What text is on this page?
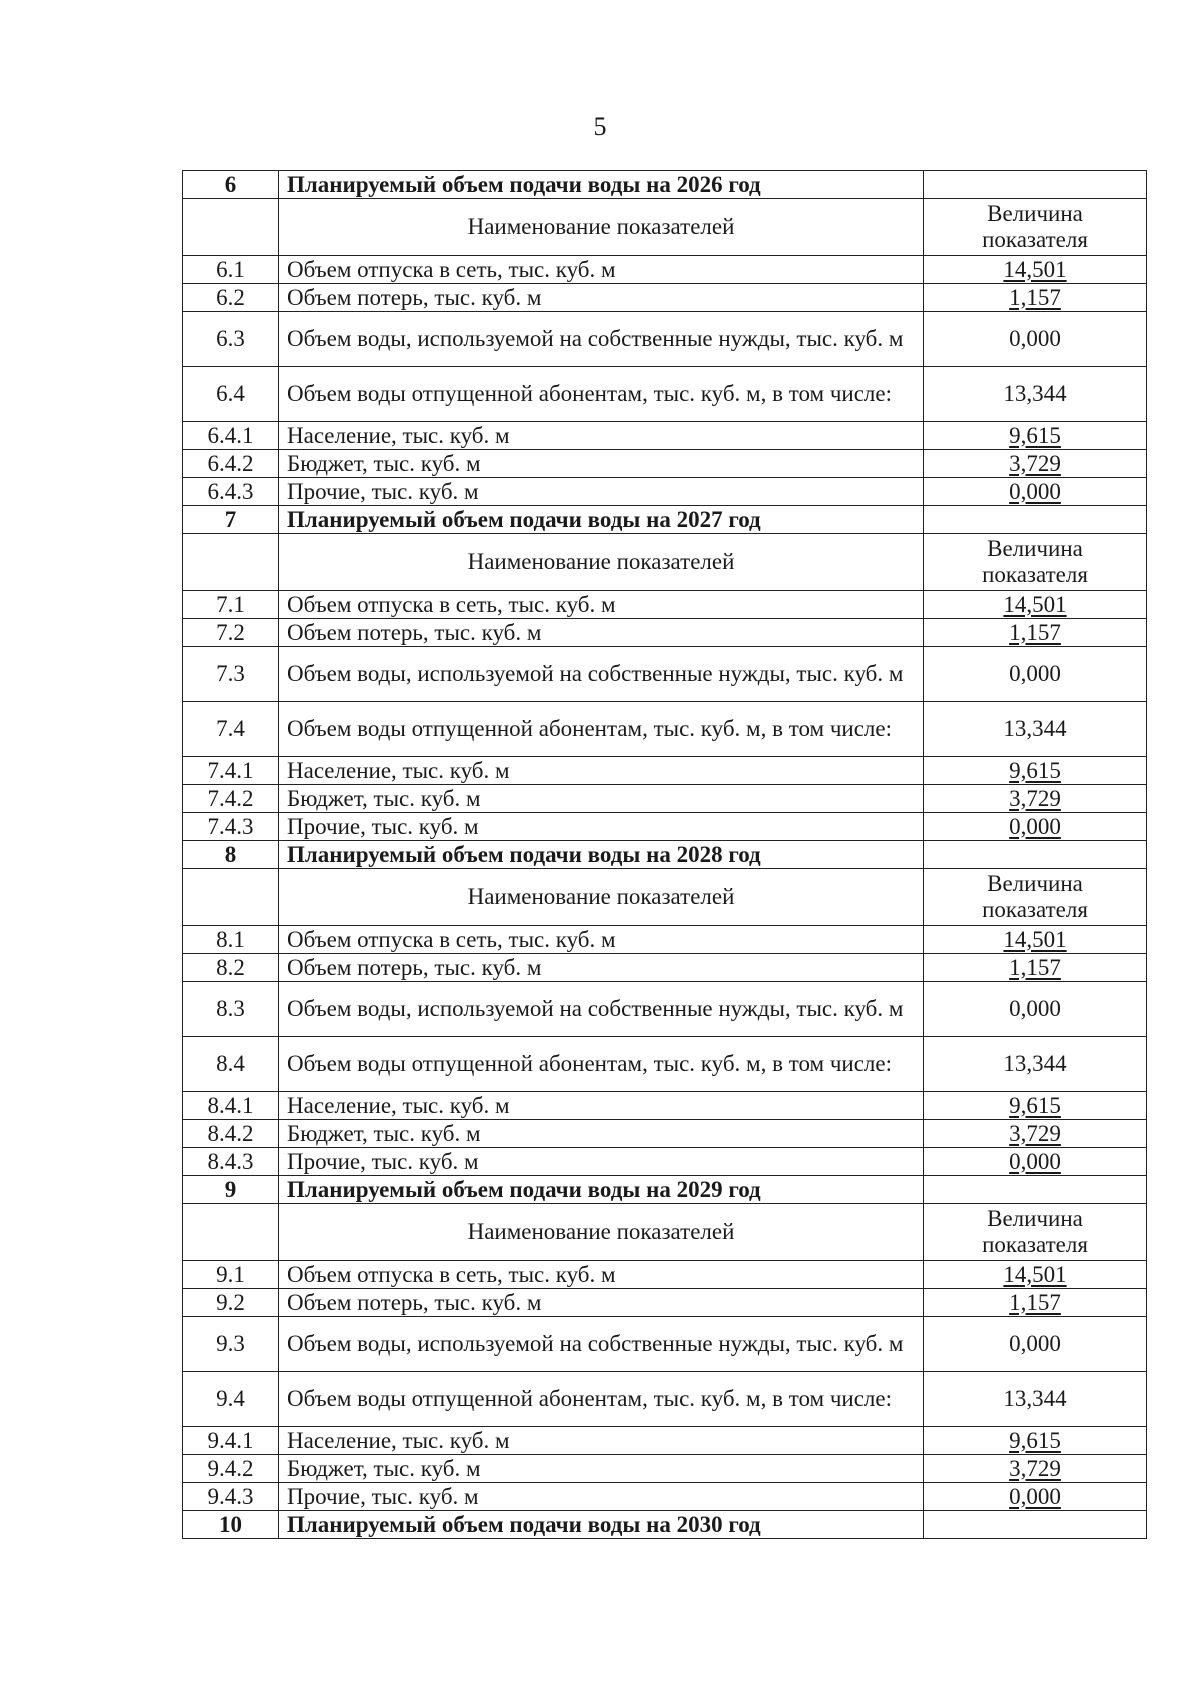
5
6	Планируемый объем подачи воды на 2026 год	
	Наименование показателей	Величина показателя
6.1	Объем отпуска в сеть, тыс. куб. м	14,501
6.2	Объем потерь, тыс. куб. м	1,157
6.3	Объем воды, используемой на собственные нужды, тыс. куб. м	0,000
6.4	Объем воды отпущенной абонентам, тыс. куб. м, в том числе:	13,344
6.4.1	Население, тыс. куб. м	9,615
6.4.2	Бюджет, тыс. куб. м	3,729
6.4.3	Прочие, тыс. куб. м	0,000
7	Планируемый объем подачи воды на 2027 год	
	Наименование показателей	Величина показателя
7.1	Объем отпуска в сеть, тыс. куб. м	14,501
7.2	Объем потерь, тыс. куб. м	1,157
7.3	Объем воды, используемой на собственные нужды, тыс. куб. м	0,000
7.4	Объем воды отпущенной абонентам, тыс. куб. м, в том числе:	13,344
7.4.1	Население, тыс. куб. м	9,615
7.4.2	Бюджет, тыс. куб. м	3,729
7.4.3	Прочие, тыс. куб. м	0,000
8	Планируемый объем подачи воды на 2028 год	
	Наименование показателей	Величина показателя
8.1	Объем отпуска в сеть, тыс. куб. м	14,501
8.2	Объем потерь, тыс. куб. м	1,157
8.3	Объем воды, используемой на собственные нужды, тыс. куб. м	0,000
8.4	Объем воды отпущенной абонентам, тыс. куб. м, в том числе:	13,344
8.4.1	Население, тыс. куб. м	9,615
8.4.2	Бюджет, тыс. куб. м	3,729
8.4.3	Прочие, тыс. куб. м	0,000
9	Планируемый объем подачи воды на 2029 год	
	Наименование показателей	Величина показателя
9.1	Объем отпуска в сеть, тыс. куб. м	14,501
9.2	Объем потерь, тыс. куб. м	1,157
9.3	Объем воды, используемой на собственные нужды, тыс. куб. м	0,000
9.4	Объем воды отпущенной абонентам, тыс. куб. м, в том числе:	13,344
9.4.1	Население, тыс. куб. м	9,615
9.4.2	Бюджет, тыс. куб. м	3,729
9.4.3	Прочие, тыс. куб. м	0,000
10	Планируемый объем подачи воды на 2030 год	
